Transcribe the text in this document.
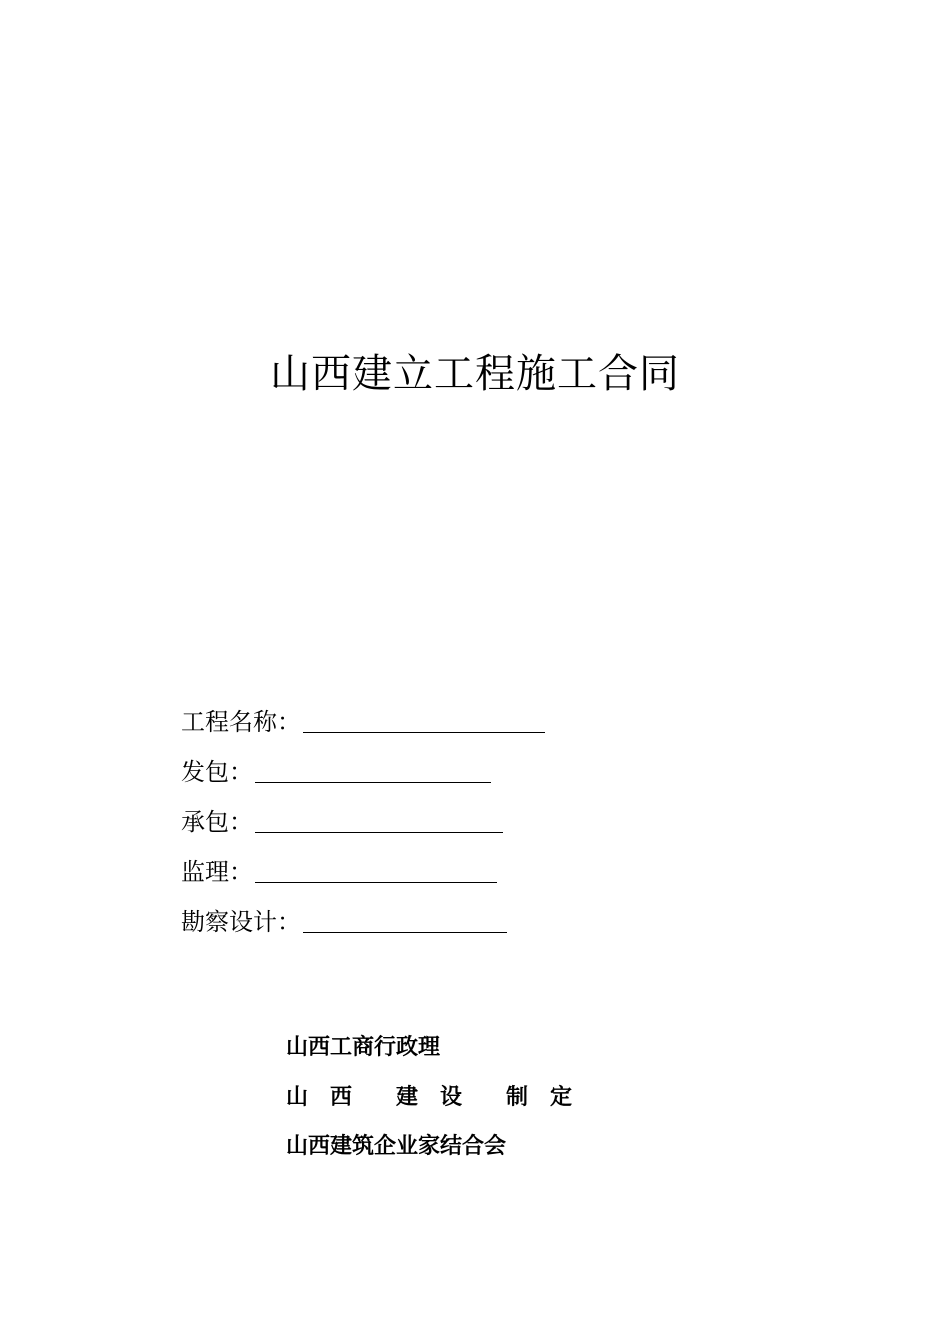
山西建立工程施工合同
工程名称：
发包：
承包：
监理：
勘察设计：
山西工商行政理
山　西　　建　设　　制　定
山西建筑企业家结合会
